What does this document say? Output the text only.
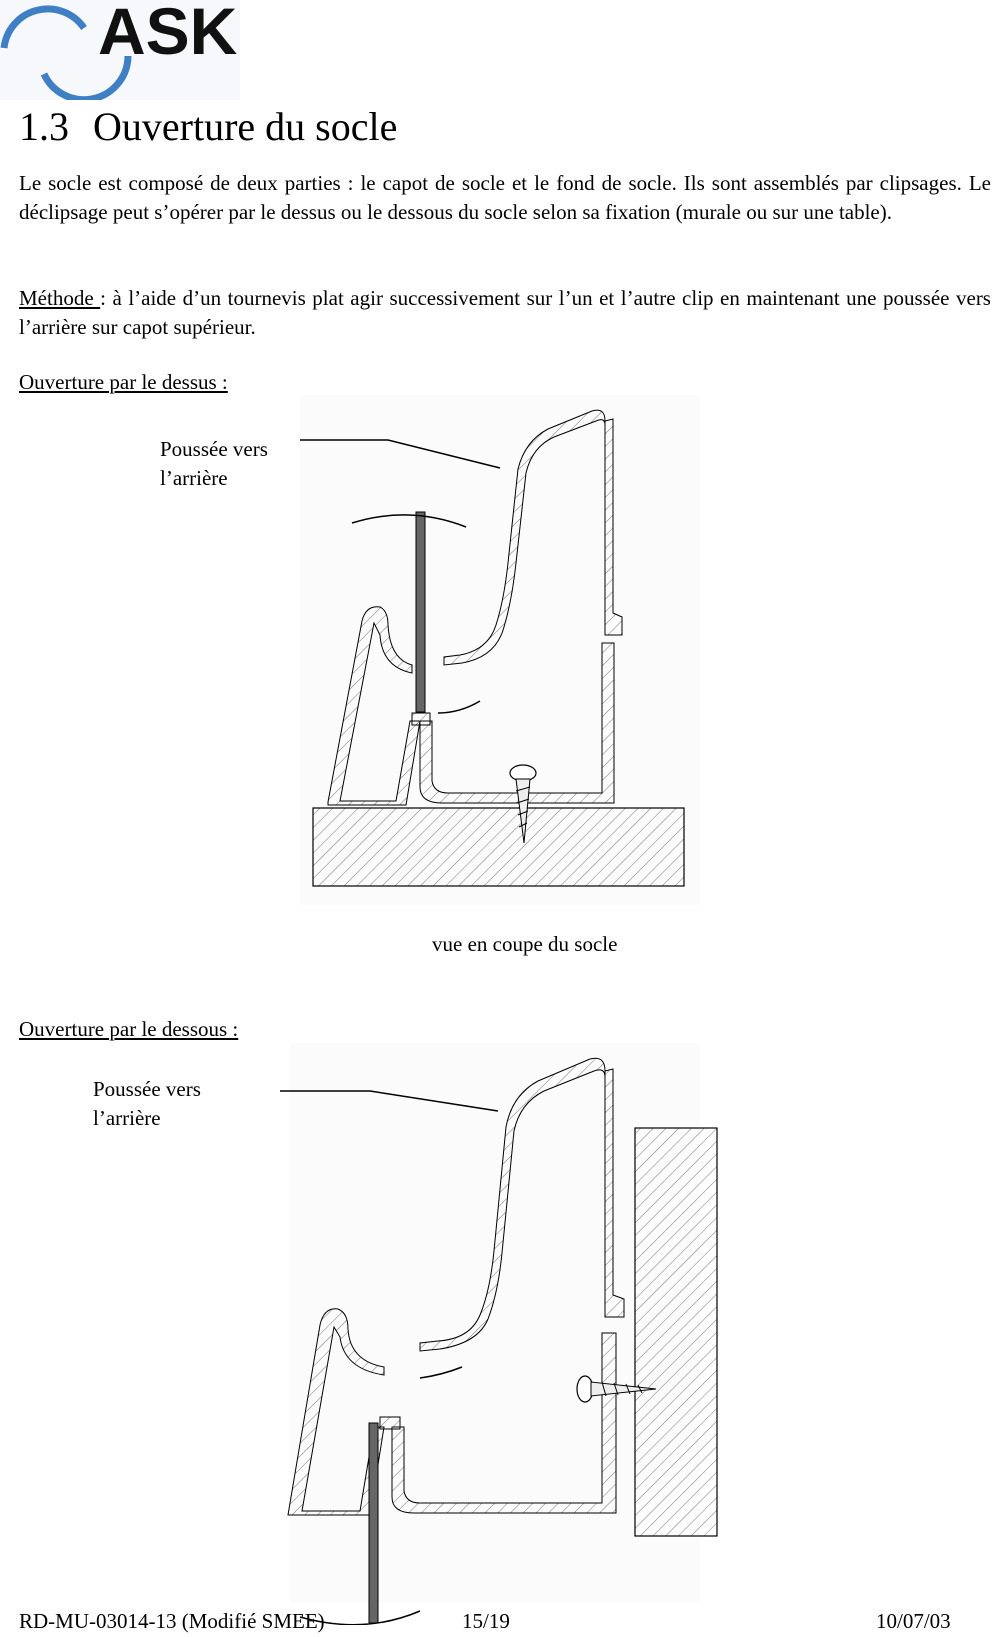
ASK
1.3 Ouverture du socle
Le socle est composé de deux parties : le capot de socle et le fond de socle. Ils sont assemblés par clipsages. Le déclipsage peut s’opérer par le dessus ou le dessous du socle selon sa fixation (murale ou sur une table).
Méthode : à l’aide d’un tournevis plat agir successivement sur l’un et l’autre clip en maintenant une poussée vers l’arrière sur capot supérieur.
Ouverture par le dessus :
Poussée vers
l’arrière
vue en coupe du socle
Ouverture par le dessous :
Poussée vers
l’arrière
RD-MU-03014-13 (Modifié SMEE)	15/19	10/07/03
